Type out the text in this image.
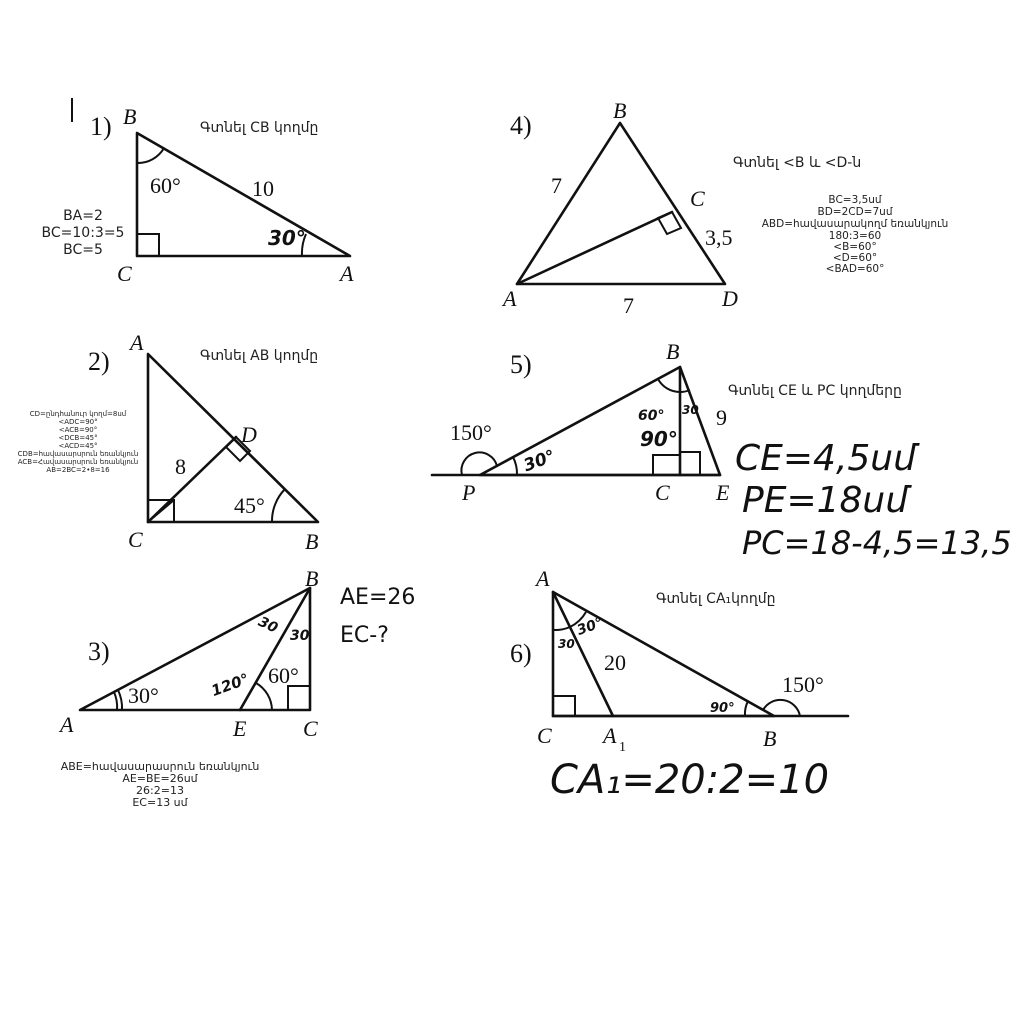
1)	Գտնել CB կողմը
B
C	A
60°	10
30°
BA=2
BC=10:3=5
BC=5
2)	Գտնել AB կողմը
A
C	B
D
8
45°
CD=ընդհանուր կողմ=8սմ
<ADC=90°
<ACB=90°
<DCB=45°
<ACD=45°
CDB=հավասարսրուն եռանկյուն
ACB=Հավասարսրուն եռանկյուն
AB=2BC=2•8=16
3)
A	E	C
B
30°
60°
120°
30 30
AE=26
EC-?
ABE=հավասարասրուն եռանկյուն
AE=BE=26սմ
26:2=13
EC=13 սմ
4)
Գտնել <B և <D-ն
B
A	D
C
7
7
3,5
BC=3,5սմ
BD=2CD=7սմ
ABD=հավասարակողմ եռանկյուն
180:3=60
<B=60°
<D=60°
<BAD=60°
5)
Գտնել CE և PC կողմերը
B
P	C E
150°
30°
60° 30
90°
9
CE=4,5սմ
PE=18սմ
PC=18-4,5=13,5
6)
Գտնել CA₁կողմը
A
C A 1	B
20
30
30°
90°
150°
CA₁=20:2=10
